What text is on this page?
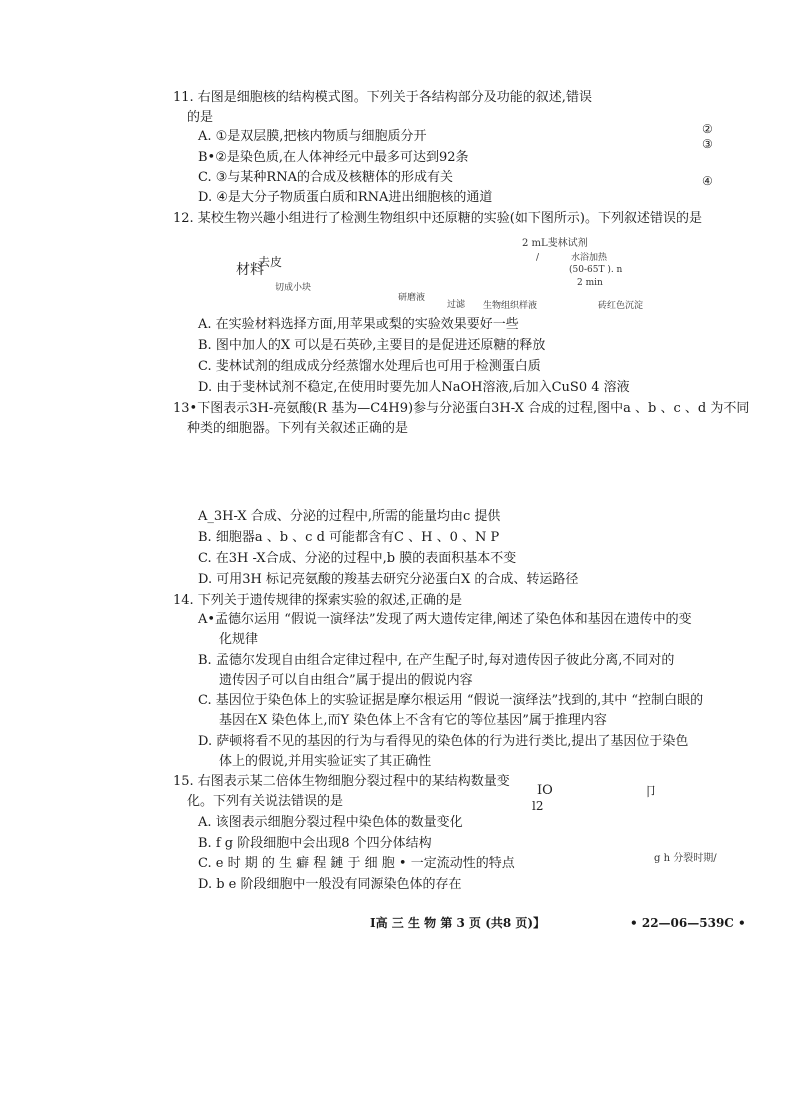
11. 右图是细胞核的结构模式图。下列关于各结构部分及功能的叙述,错误
的是
A. ①是双层膜,把核内物质与细胞质分开
B•②是染色质,在人体神经元中最多可达到92条
C. ③与某种RNA的合成及核糖体的形成有关
D. ④是大分子物质蛋白质和RNA进出细胞核的通道
②
③
④
12. 某校生物兴趣小组进行了检测生物组织中还原糖的实验(如下图所示)。下列叙述错误的是
2 mL斐林试剂
/	水浴加热
(50-65T ). n
2 min
材料
去皮
切成小块
研磨液
过滤 生物组织样液	砖红色沉淀
A. 在实验材料选择方面,用苹果或梨的实验效果要好一些
B. 图中加人的X 可以是石英砂,主要目的是促进还原糖的释放
C. 斐林试剂的组成成分经蒸馏水处理后也可用于检测蛋白质
D. 由于斐林试剂不稳定,在使用时要先加人NaOH溶液,后加入CuS0 4 溶液
13•下图表示3H-亮氨酸(R 基为—C4H9)参与分泌蛋白3H-X 合成的过程,图中a 、b 、c 、d 为不同
种类的细胞器。下列有关叙述正确的是
A_3H-X 合成、分泌的过程中,所需的能量均由c 提供
B. 细胞器a 、b 、c d 可能都含有C 、H 、0 、N P
C. 在3H -X合成、分泌的过程中,b 膜的表面积基本不变
D. 可用3H 标记亮氨酸的羧基去研究分泌蛋白X 的合成、转运路径
14. 下列关于遗传规律的探索实验的叙述,正确的是
A•孟德尔运用 “假说一演绎法”发现了两大遗传定律,阐述了染色体和基因在遗传中的变
化规律
B. 孟德尔发现自由组合定律过程中, 在产生配子时,每对遗传因子彼此分离,不同对的
遗传因子可以自由组合”属于提出的假说内容
C. 基因位于染色体上的实验证据是摩尔根运用 “假说一演绎法”找到的,其中 “控制白眼的
基因在X 染色体上,而Y 染色体上不含有它的等位基因”属于推理内容
D. 萨顿将看不见的基因的行为与看得见的染色体的行为进行类比,提出了基因位于染色
体上的假说,并用实验证实了其正确性
15. 右图表示某二倍体生物细胞分裂过程中的某结构数量变
化。下列有关说法错误的是
IO
l2
卩
g h 分裂时期/
A. 该图表示细胞分裂过程中染色体的数量变化
B. f g 阶段细胞中会出现8 个四分体结构
C. e 时 期 的 生 癖 程 鏈 于 细 胞 • 一定流动性的特点
D. b e 阶段细胞中一般没有同源染色体的存在
I高 三 生 物 第 3 页 (共8 页)】	• 22—06—539C •
